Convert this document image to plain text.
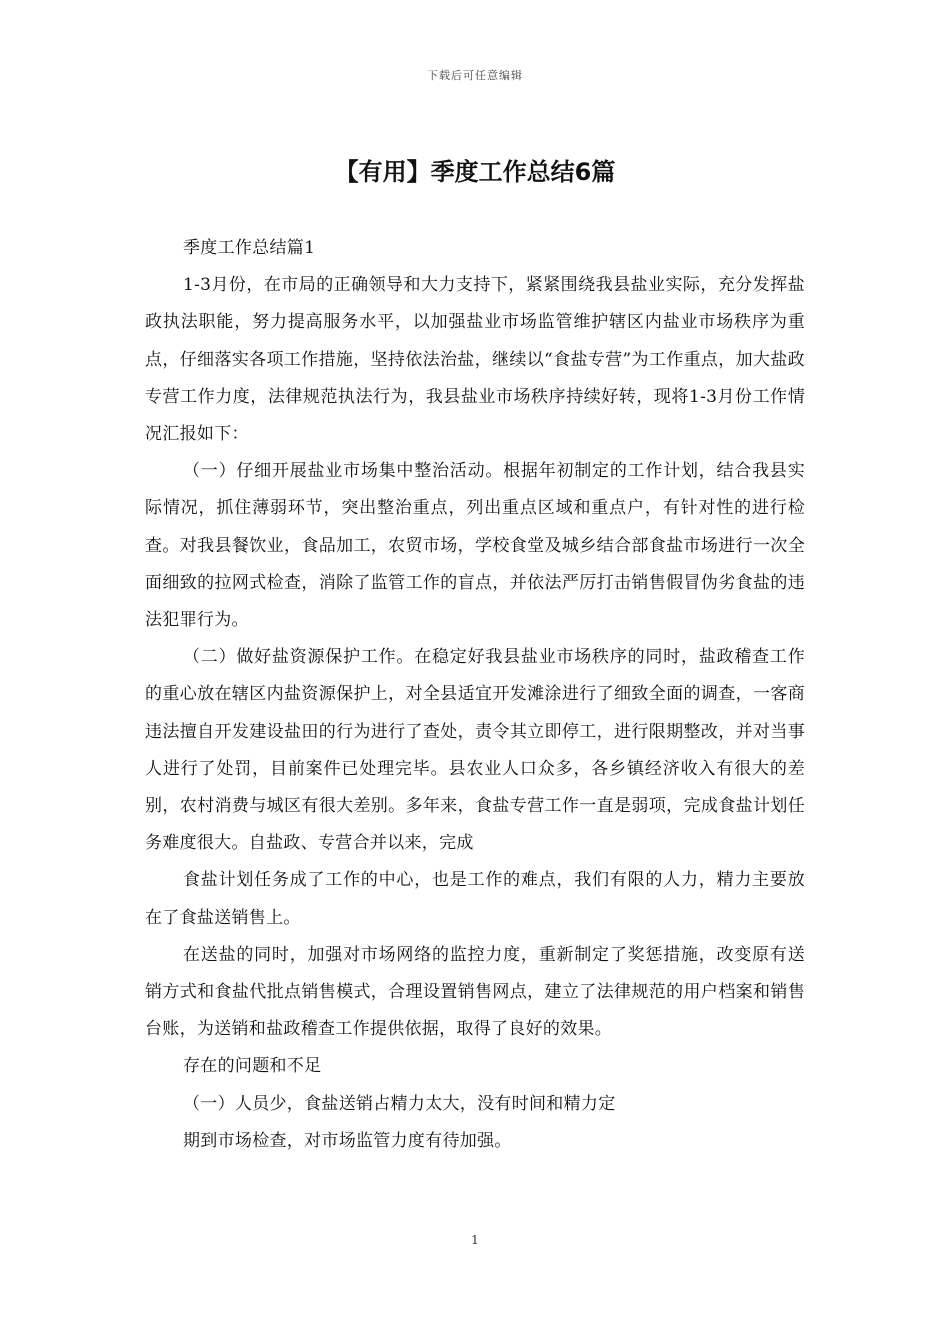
下载后可任意编辑
【有用】季度工作总结6篇

季度工作总结篇1

1-3月份，在市局的正确领导和大力支持下，紧紧围绕我县盐业实际，充分发挥盐政执法职能，努力提高服务水平，以加强盐业市场监管维护辖区内盐业市场秩序为重点，仔细落实各项工作措施，坚持依法治盐，继续以“食盐专营”为工作重点，加大盐政专营工作力度，法律规范执法行为，我县盐业市场秩序持续好转，现将1-3月份工作情况汇报如下：

（一）仔细开展盐业市场集中整治活动。根据年初制定的工作计划，结合我县实际情况，抓住薄弱环节，突出整治重点，列出重点区域和重点户，有针对性的进行检查。对我县餐饮业，食品加工，农贸市场，学校食堂及城乡结合部食盐市场进行一次全面细致的拉网式检查，消除了监管工作的盲点，并依法严厉打击销售假冒伪劣食盐的违法犯罪行为。

（二）做好盐资源保护工作。在稳定好我县盐业市场秩序的同时，盐政稽查工作的重心放在辖区内盐资源保护上，对全县适宜开发滩涂进行了细致全面的调查，一客商违法擅自开发建设盐田的行为进行了查处，责令其立即停工，进行限期整改，并对当事人进行了处罚，目前案件已处理完毕。县农业人口众多，各乡镇经济收入有很大的差别，农村消费与城区有很大差别。多年来，食盐专营工作一直是弱项，完成食盐计划任务难度很大。自盐政、专营合并以来，完成

食盐计划任务成了工作的中心，也是工作的难点，我们有限的人力，精力主要放在了食盐送销售上。

在送盐的同时，加强对市场网络的监控力度，重新制定了奖惩措施，改变原有送销方式和食盐代批点销售模式，合理设置销售网点，建立了法律规范的用户档案和销售台账，为送销和盐政稽查工作提供依据，取得了良好的效果。

存在的问题和不足

（一）人员少，食盐送销占精力太大，没有时间和精力定

期到市场检查，对市场监管力度有待加强。

1
